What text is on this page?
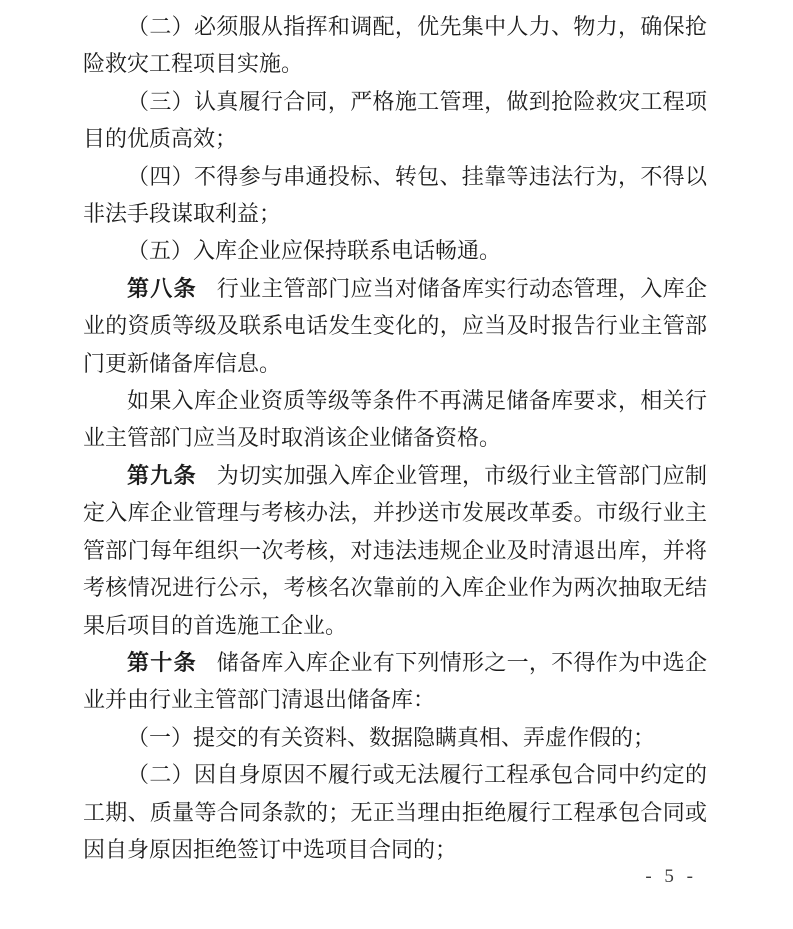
（二）必须服从指挥和调配，优先集中人力、物力，确保抢险救灾工程项目实施。

（三）认真履行合同，严格施工管理，做到抢险救灾工程项目的优质高效；

（四）不得参与串通投标、转包、挂靠等违法行为，不得以非法手段谋取利益；

（五）入库企业应保持联系电话畅通。

第八条 行业主管部门应当对储备库实行动态管理，入库企业的资质等级及联系电话发生变化的，应当及时报告行业主管部门更新储备库信息。

如果入库企业资质等级等条件不再满足储备库要求，相关行业主管部门应当及时取消该企业储备资格。

第九条 为切实加强入库企业管理，市级行业主管部门应制定入库企业管理与考核办法，并抄送市发展改革委。市级行业主管部门每年组织一次考核，对违法违规企业及时清退出库，并将考核情况进行公示，考核名次靠前的入库企业作为两次抽取无结果后项目的首选施工企业。

第十条 储备库入库企业有下列情形之一，不得作为中选企业并由行业主管部门清退出储备库：

（一）提交的有关资料、数据隐瞒真相、弄虚作假的；

（二）因自身原因不履行或无法履行工程承包合同中约定的工期、质量等合同条款的；无正当理由拒绝履行工程承包合同或因自身原因拒绝签订中选项目合同的；

- 5 -
